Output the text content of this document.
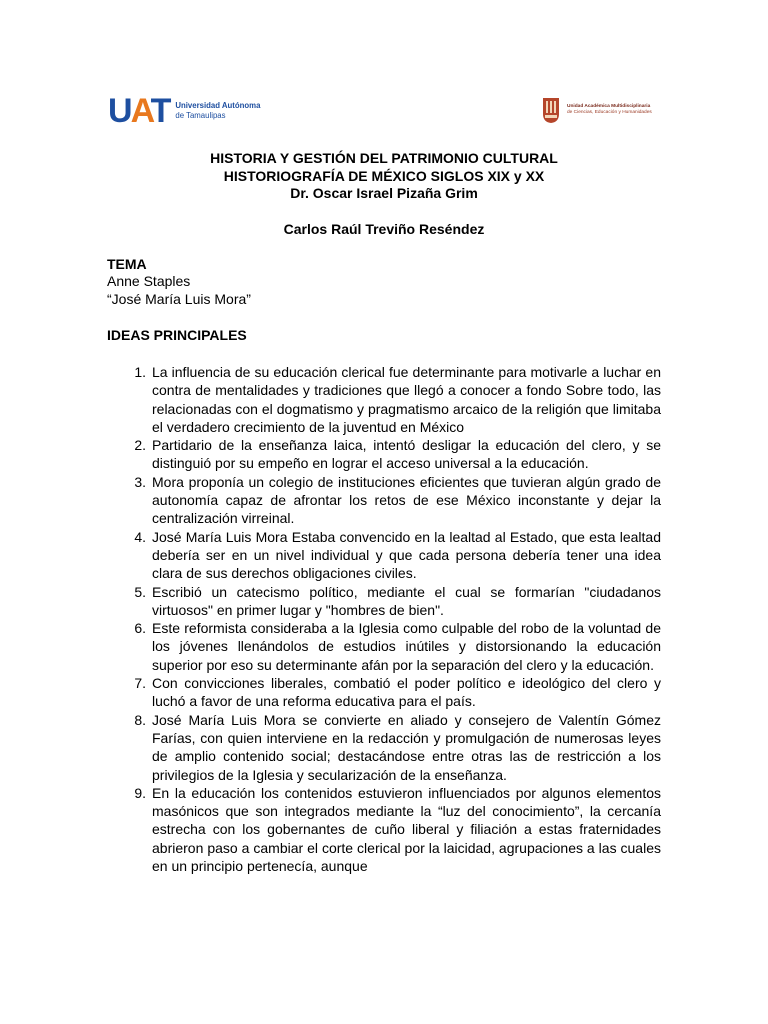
UAT Universidad Autónoma
de Tamaulipas
Unidad Académica Multidisciplinaria
de Ciencias, Educación y Humanidades
HISTORIA Y GESTIÓN DEL PATRIMONIO CULTURAL
HISTORIOGRAFÍA DE MÉXICO SIGLOS XIX y XX
Dr. Oscar Israel Pizaña Grim
Carlos Raúl Treviño Reséndez
TEMA
Anne Staples
“José María Luis Mora”
IDEAS PRINCIPALES
1. La influencia de su educación clerical fue determinante para motivarle a luchar en contra de mentalidades y tradiciones que llegó a conocer a fondo Sobre todo, las relacionadas con el dogmatismo y pragmatismo arcaico de la religión que limitaba el verdadero crecimiento de la juventud en México
2. Partidario de la enseñanza laica, intentó desligar la educación del clero, y se distinguió por su empeño en lograr el acceso universal a la educación.
3. Mora proponía un colegio de instituciones eficientes que tuvieran algún grado de autonomía capaz de afrontar los retos de ese México inconstante y dejar la centralización virreinal.
4. José María Luis Mora Estaba convencido en la lealtad al Estado, que esta lealtad debería ser en un nivel individual y que cada persona debería tener una idea clara de sus derechos obligaciones civiles.
5. Escribió un catecismo político, mediante el cual se formarían "ciudadanos virtuosos" en primer lugar y "hombres de bien".
6. Este reformista consideraba a la Iglesia como culpable del robo de la voluntad de los jóvenes llenándolos de estudios inútiles y distorsionando la educación superior por eso su determinante afán por la separación del clero y la educación.
7. Con convicciones liberales, combatió el poder político e ideológico del clero y luchó a favor de una reforma educativa para el país.
8. José María Luis Mora se convierte en aliado y consejero de Valentín Gómez Farías, con quien interviene en la redacción y promulgación de numerosas leyes de amplio contenido social; destacándose entre otras las de restricción a los privilegios de la Iglesia y secularización de la enseñanza.
9. En la educación los contenidos estuvieron influenciados por algunos elementos masónicos que son integrados mediante la “luz del conocimiento”, la cercanía estrecha con los gobernantes de cuño liberal y filiación a estas fraternidades abrieron paso a cambiar el corte clerical por la laicidad, agrupaciones a las cuales en un principio pertenecía, aunque
